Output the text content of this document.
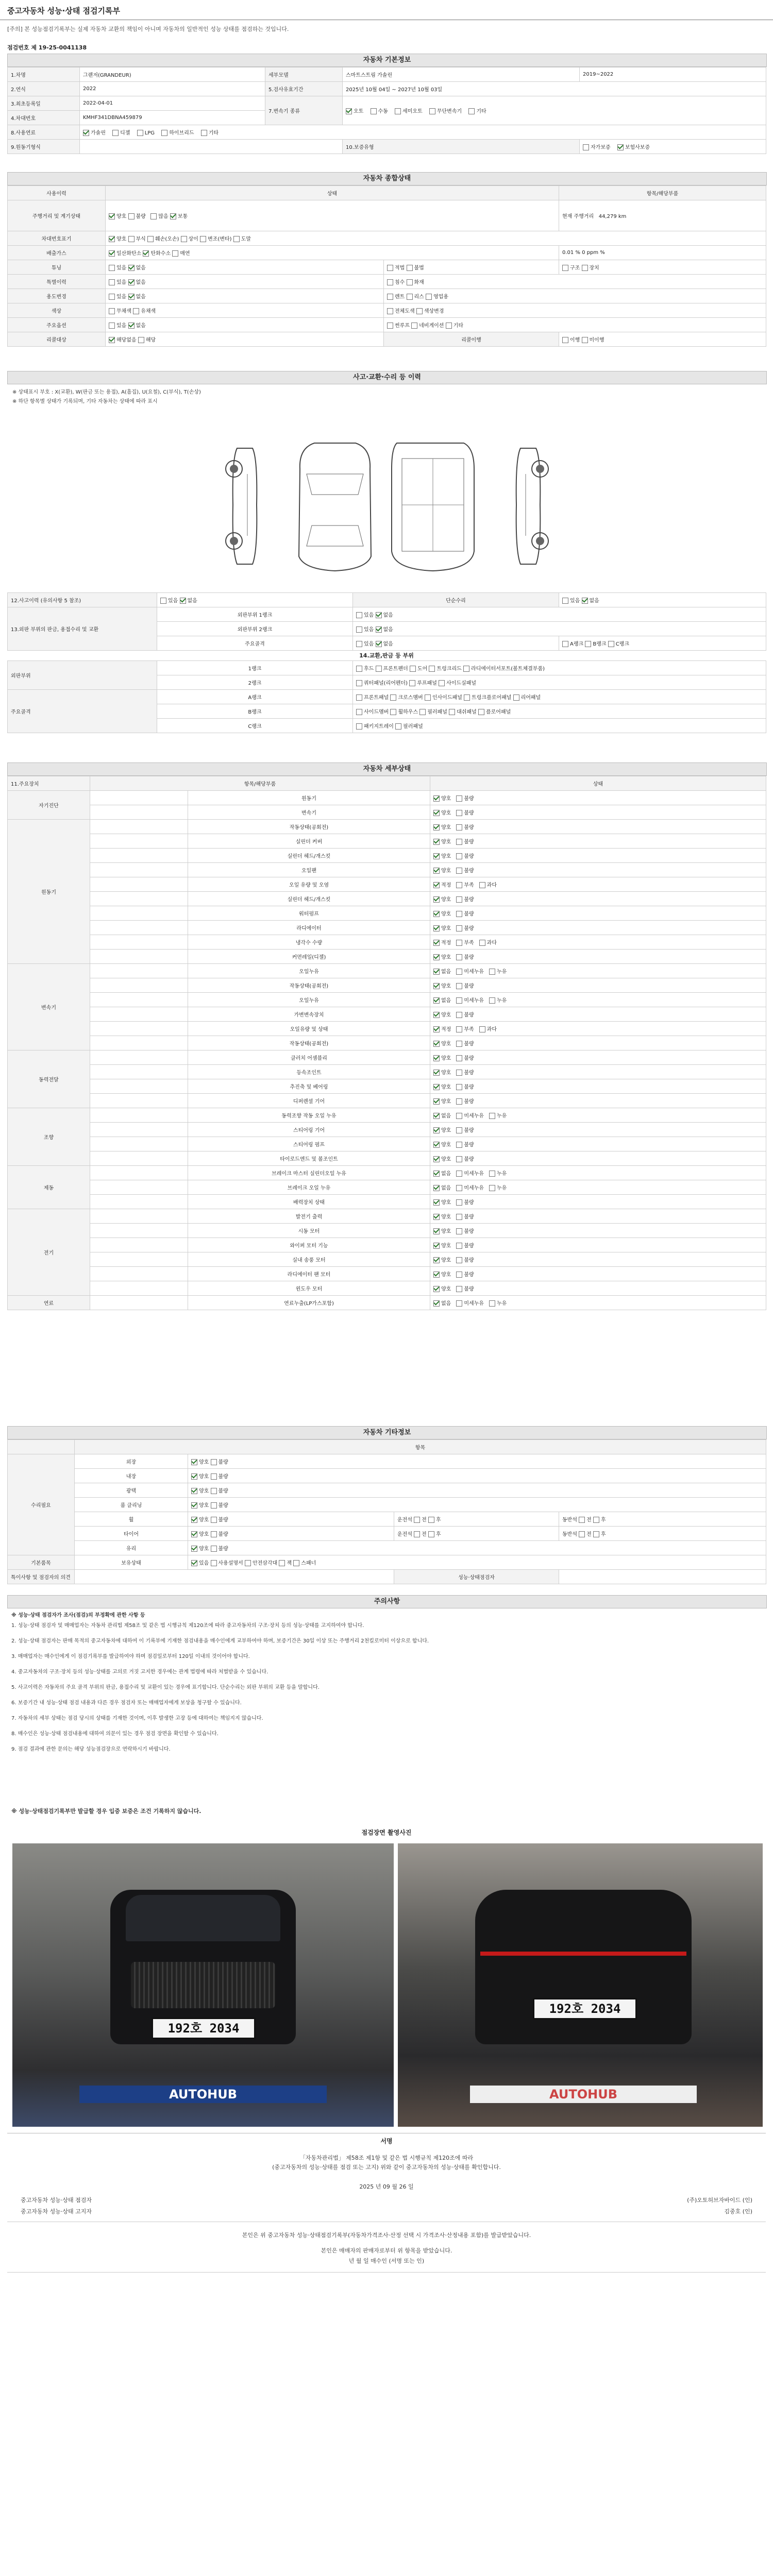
중고자동차 성능·상태 점검기록부
[주의] 본 성능점검기록부는 실제 자동차 교환의 책임이 아니며 자동차의 일반적인 성능 상태를 점검하는 것입니다.
점검번호 제 19-25-0041138
자동차 기본정보
1.차명	그랜저(GRANDEUR)	세부모델	스마트스트림 가솔린	2019~2022
2.연식	2022	5.검사유효기간	2025년 10월 04일 ~ 2027년 10월 03일	
3.최초등록일	2022-04-01	7.변속기 종류	오토 수동 세미오토 무단변속기 기타	
4.차대번호	KMHF341DBNA459879			
8.사용연료	가솔린 디젤 LPG 하이브리드 기타			
9.원동기형식			10.보증유형	자가보증 보험사보증
자동차 종합상태
사용이력	상태		항목/해당부품
주행거리 및 계기상태	양호 불량   많음 보통		현재 주행거리 44,279 km
차대번호표기	양호 부식 훼손(오손) 상이 변조(변타) 도말		
배출가스	일산화탄소 탄화수소 매연		0.01 % 0 ppm %
튜닝	있음 없음	적법 불법	구조 장치
특별이력	있음 없음	침수 화재	
용도변경	있음 없음	렌트 리스 영업용	
색상	무채색 유채색	전체도색 색상변경	
주요옵션	있음 없음	썬루프 네비게이션 기타	
리콜대상	해당없음 해당	리콜이행	이행 미이행
사고·교환·수리 등 이력
※ 상태표시 부호 : X(교환), W(판금 또는 용접), A(흠집), U(요철), C(부식), T(손상)
※ 하단 항목별 상태가 기록되며, 기타 자동차는 상태에 따라 표시
12.사고이력 (유의사항 5 참조)	있음 없음	단순수리	있음 없음
13.외판 부위의 판금, 용접수리 및 교환	외판부위 1랭크	있음 없음	
	외판부위 2랭크	있음 없음	
	주요골격	있음 없음	A랭크 B랭크 C랭크
14.교환,판금 등 부위
외판부위	1랭크	후드 프론트펜더 도어 트렁크리드 라디에이터서포트(볼트체결부품)
	2랭크	쿼터패널(리어펜더) 루프패널 사이드실패널
주요골격	A랭크	프론트패널 크로스멤버 인사이드패널 트렁크플로어패널 리어패널
	B랭크	사이드멤버 휠하우스 필러패널 대쉬패널 플로어패널
	C랭크	패키지트레이 필러패널
자동차 세부상태
11.주요장치	항목/해당부품		상태
자기진단		원동기	양호 불량
		변속기	양호 불량
원동기		작동상태(공회전)	양호 불량
		실린더 커버	양호 불량
		실린더 헤드/개스킷	양호 불량
		오일팬	양호 불량
		오일 유량 및 오염	적정 부족 과다
		실린더 헤드/개스킷	양호 불량
		워터펌프	양호 불량
		라디에이터	양호 불량
		냉각수 수량	적정 부족 과다
		커먼레일(디젤)	양호 불량
변속기		오일누유	없음 미세누유 누유
		작동상태(공회전)	양호 불량
		오일누유	없음 미세누유 누유
		가변변속장치	양호 불량
		오일유량 및 상태	적정 부족 과다
		작동상태(공회전)	양호 불량
동력전달		클러치 어셈블리	양호 불량
		등속조인트	양호 불량
		추진축 및 베어링	양호 불량
		디퍼렌셜 기어	양호 불량
조향		동력조향 작동 오일 누유	없음 미세누유 누유
		스티어링 기어	양호 불량
		스티어링 펌프	양호 불량
		타이로드엔드 및 볼조인트	양호 불량
제동		브레이크 마스터 실린더오일 누유	없음 미세누유 누유
		브레이크 오일 누유	없음 미세누유 누유
		배력장치 상태	양호 불량
전기		발전기 출력	양호 불량
		시동 모터	양호 불량
		와이퍼 모터 기능	양호 불량
		실내 송풍 모터	양호 불량
		라디에이터 팬 모터	양호 불량
		윈도우 모터	양호 불량
연료		연료누출(LP가스포함)	없음 미세누유 누유
자동차 기타정보
	항목			
수리필요	외장	양호 불량		
	내장	양호 불량		
	광택	양호 불량		
	룸 클리닝	양호 불량		
	휠	양호 불량	운전석 전 후	동반석 전 후
	타이어	양호 불량	운전석 전 후	동반석 전 후
	유리	양호 불량		
기본품목	보유상태	있음 사용설명서 안전삼각대 잭 스패너		
특이사항 및 점검자의 의견			성능·상태점검자	
주의사항
※ 성능·상태 점검자가 조사(점검)의 부정확에 관한 사항 등
1. 성능·상태 점검자 및 매매업자는 자동차 관리법 제58조 및 같은 법 시행규칙 제120조에 따라 중고자동차의 구조·장치 등의 성능·상태를 고지하여야 합니다.
2. 성능·상태 점검자는 판매 목적의 중고자동차에 대하여 이 기록부에 기재한 점검내용을 매수인에게 교부하여야 하며, 보증기간은 30일 이상 또는 주행거리 2천킬로미터 이상으로 합니다.
3. 매매업자는 매수인에게 이 점검기록부를 발급하여야 하며 점검일로부터 120일 이내의 것이어야 합니다.
4. 중고자동차의 구조·장치 등의 성능·상태를 고의로 거짓 고지한 경우에는 관계 법령에 따라 처벌받을 수 있습니다.
5. 사고이력은 자동차의 주요 골격 부위의 판금, 용접수리 및 교환이 있는 경우에 표기합니다. 단순수리는 외판 부위의 교환 등을 말합니다.
6. 보증기간 내 성능·상태 점검 내용과 다른 경우 점검자 또는 매매업자에게 보상을 청구할 수 있습니다.
7. 자동차의 세부 상태는 점검 당시의 상태를 기재한 것이며, 이후 발생한 고장 등에 대하여는 책임지지 않습니다.
8. 매수인은 성능·상태 점검내용에 대하여 의문이 있는 경우 점검 장면을 확인할 수 있습니다.
9. 점검 결과에 관한 문의는 해당 성능점검장으로 연락하시기 바랍니다.
※ 성능·상태점검기록부만 발급할 경우 입증 보증은 조건 기록하지 않습니다.
점검장면 촬영사진
192호 2034
AUTOHUB
192호 2034
AUTOHUB
서명
「자동차관리법」 제58조 제1항 및 같은 법 시행규칙 제120조에 따라
(중고자동차의 성능·상태를 점검 또는 고지) 위와 같이 중고자동차의 성능·상태를 확인합니다.
2025 년 09 월 26 일
중고자동차 성능·상태 점검자	(주)오토허브자바이드 (인)
중고자동차 성능·상태 고지자	김중호 (인)
본인은 위 중고자동차 성능·상태점검기록부(자동차가격조사·산정 선택 시 가격조사·산정내용 포함)를 발급받았습니다.
본인은 매매자의 판매자로부터 위 항목을 받았습니다.
년 월 일 매수인 (서명 또는 인)
